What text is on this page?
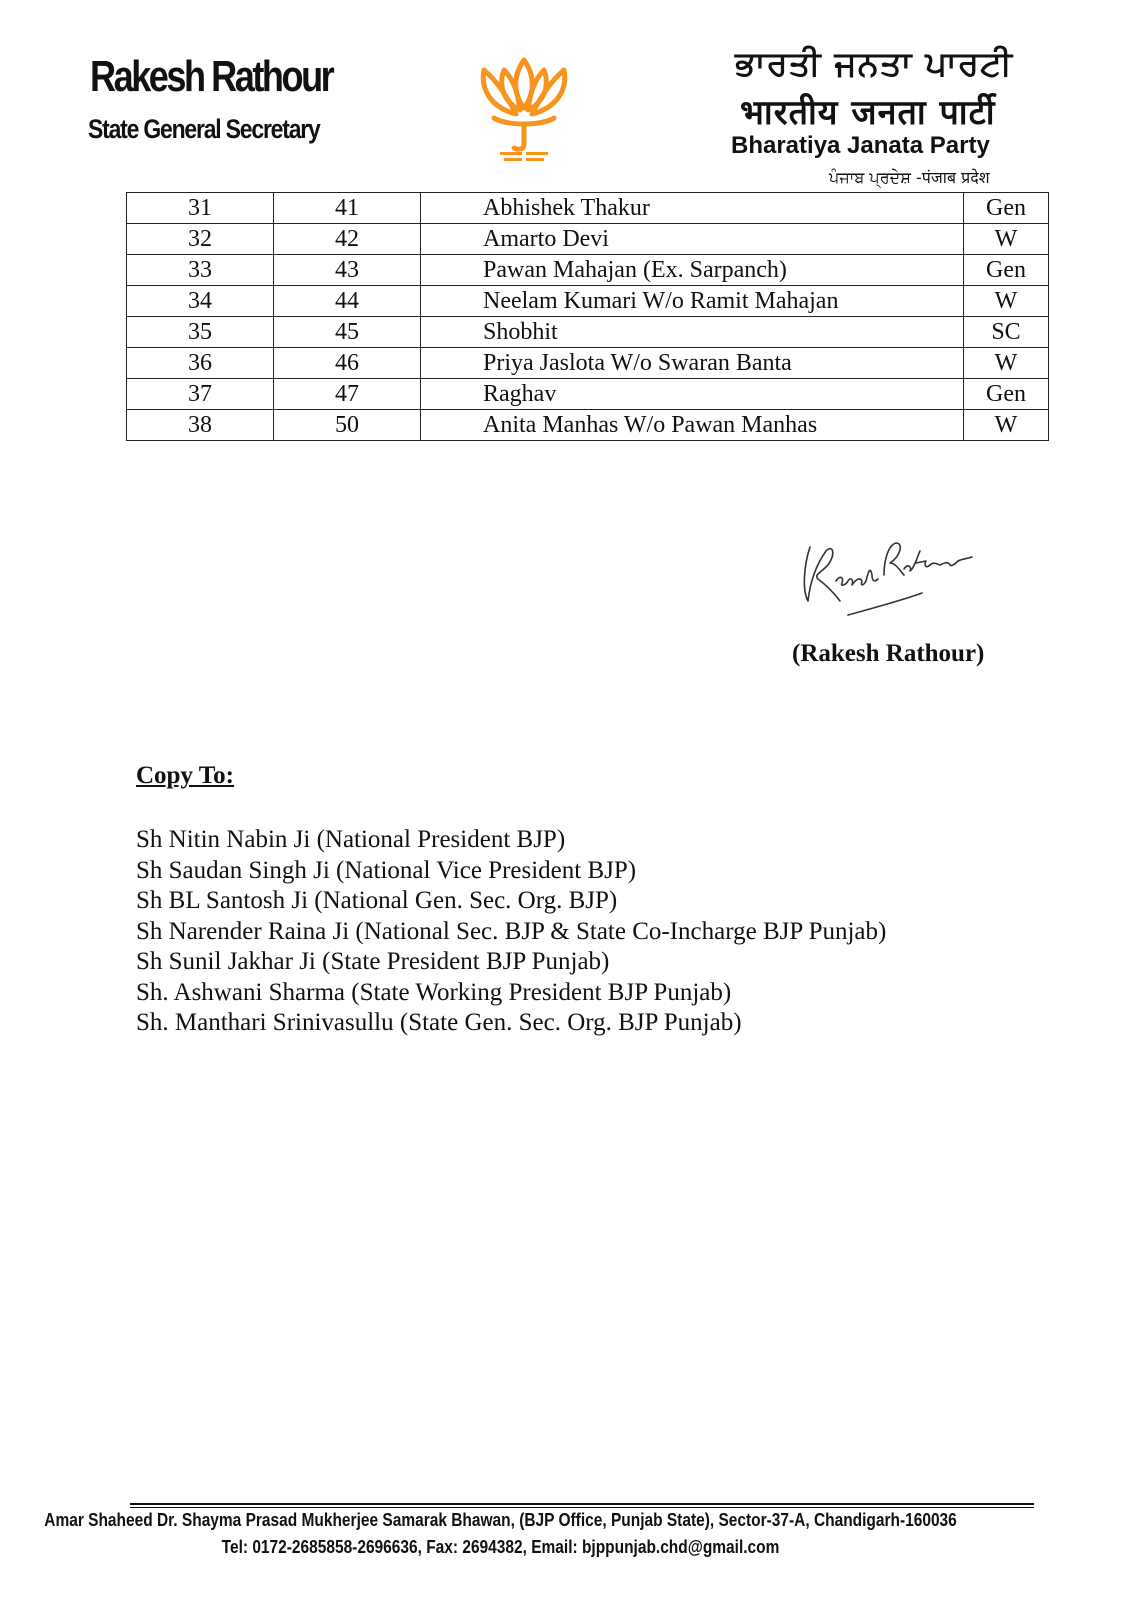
Rakesh Rathour
State General Secretary
ਭਾਰਤੀ ਜਨਤਾ ਪਾਰਟੀ
भारतीय जनता पार्टी
Bharatiya Janata Party
ਪੰਜਾਬ ਪ੍ਰਦੇਸ਼ -पंजाब प्रदेश
31	41	Abhishek Thakur	Gen
32	42	Amarto Devi	W
33	43	Pawan Mahajan (Ex. Sarpanch)	Gen
34	44	Neelam Kumari W/o Ramit Mahajan	W
35	45	Shobhit	SC
36	46	Priya Jaslota W/o Swaran Banta	W
37	47	Raghav	Gen
38	50	Anita Manhas W/o Pawan Manhas	W
(Rakesh Rathour)
Copy To:
Sh Nitin Nabin Ji (National President BJP)
Sh Saudan Singh Ji (National Vice President BJP)
Sh BL Santosh Ji (National Gen. Sec. Org. BJP)
Sh Narender Raina Ji (National Sec. BJP & State Co-Incharge BJP Punjab)
Sh Sunil Jakhar Ji (State President BJP Punjab)
Sh. Ashwani Sharma (State Working President BJP Punjab)
Sh. Manthari Srinivasullu (State Gen. Sec. Org. BJP Punjab)
Amar Shaheed Dr. Shayma Prasad Mukherjee Samarak Bhawan, (BJP Office, Punjab State), Sector-37-A, Chandigarh-160036
Tel: 0172-2685858-2696636, Fax: 2694382, Email: bjppunjab.chd@gmail.com
